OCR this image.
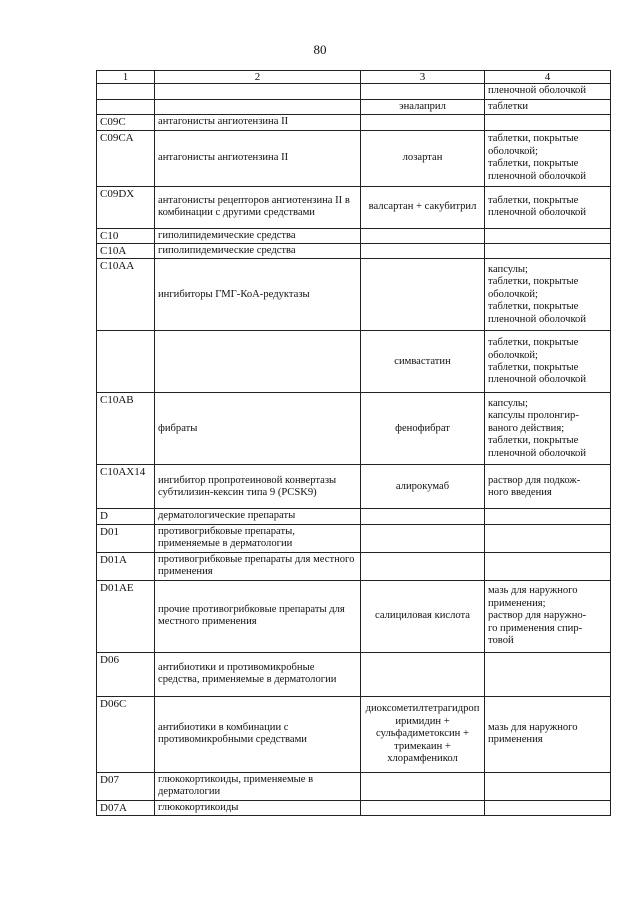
80
1	2	3	4

			пленочной оболочкой

		эналаприл	таблетки

C09C	антагонисты ангиотензина II		
C09CA	антагонисты ангиотензина II	лозартан	таблетки, покрытые
оболочкой;
таблетки, покрытые
пленочной оболочкой

C09DX	антагонисты рецепторов ангиотензина II в комбинации с другими средствами	валсартан + сакубитрил	таблетки, покрытые
пленочной оболочкой

C10	гиполипидемические средства		
C10A	гиполипидемические средства		
C10AA	ингибиторы ГМГ-КоА-редуктазы		капсулы;
таблетки, покрытые
оболочкой;
таблетки, покрытые
пленочной оболочкой

		симвастатин	таблетки, покрытые
оболочкой;
таблетки, покрытые
пленочной оболочкой

C10AB	фибраты	фенофибрат	капсулы;
капсулы пролонгир-
ваного действия;
таблетки, покрытые
пленочной оболочкой

C10AX14	ингибитор пропротеиновой конвертазы субтилизин-кексин типа 9 (PCSK9)	алирокумаб	раствор для подкож-
ного введения

D	дерматологические препараты		
D01	противогрибковые препараты, применяемые в дерматологии		
D01A	противогрибковые препараты для местного применения		
D01AE	прочие противогрибковые препараты для местного применения	салициловая кислота	мазь для наружного
применения;
раствор для наружно-
го применения спир-
товой

D06	антибиотики и противомикробные средства, применяемые в дерматологии		
D06C	антибиотики в комбинации с противомикробными средствами	диоксометилтетрагидропиримидин + сульфадиметоксин + тримекаин + хлорамфеникол	мазь для наружного
применения

D07	глюкокортикоиды, применяемые в дерматологии		
D07A	глюкокортикоиды		
